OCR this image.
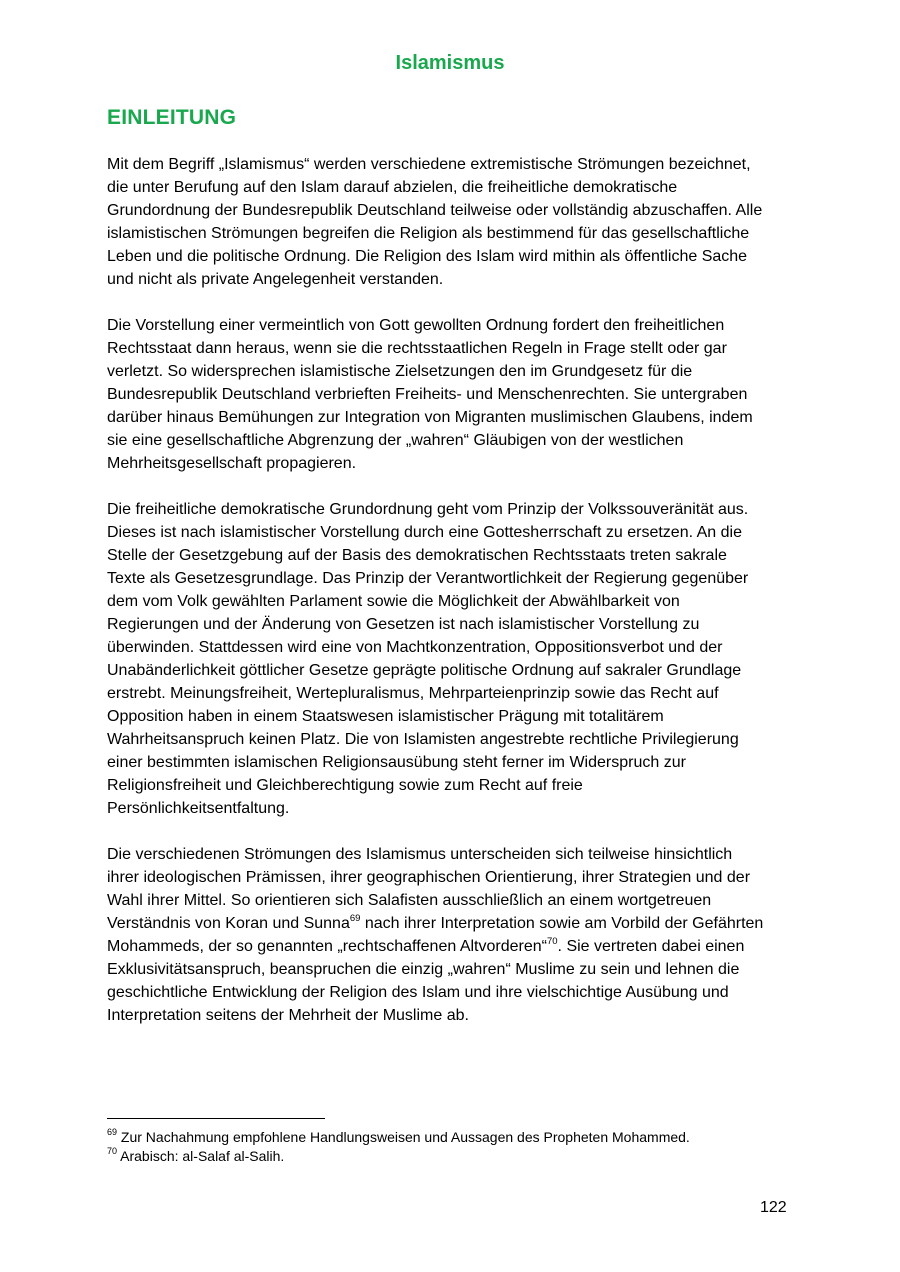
Islamismus
EINLEITUNG

Mit dem Begriff „Islamismus“ werden verschiedene extremistische Strömungen bezeichnet,
die unter Berufung auf den Islam darauf abzielen, die freiheitliche demokratische
Grundordnung der Bundesrepublik Deutschland teilweise oder vollständig abzuschaffen. Alle
islamistischen Strömungen begreifen die Religion als bestimmend für das gesellschaftliche
Leben und die politische Ordnung. Die Religion des Islam wird mithin als öffentliche Sache
und nicht als private Angelegenheit verstanden.

Die Vorstellung einer vermeintlich von Gott gewollten Ordnung fordert den freiheitlichen
Rechtsstaat dann heraus, wenn sie die rechtsstaatlichen Regeln in Frage stellt oder gar
verletzt. So widersprechen islamistische Zielsetzungen den im Grundgesetz für die
Bundesrepublik Deutschland verbrieften Freiheits- und Menschenrechten. Sie untergraben
darüber hinaus Bemühungen zur Integration von Migranten muslimischen Glaubens, indem
sie eine gesellschaftliche Abgrenzung der „wahren“ Gläubigen von der westlichen
Mehrheitsgesellschaft propagieren.

Die freiheitliche demokratische Grundordnung geht vom Prinzip der Volkssouveränität aus.
Dieses ist nach islamistischer Vorstellung durch eine Gottesherrschaft zu ersetzen. An die
Stelle der Gesetzgebung auf der Basis des demokratischen Rechtsstaats treten sakrale
Texte als Gesetzesgrundlage. Das Prinzip der Verantwortlichkeit der Regierung gegenüber
dem vom Volk gewählten Parlament sowie die Möglichkeit der Abwählbarkeit von
Regierungen und der Änderung von Gesetzen ist nach islamistischer Vorstellung zu
überwinden. Stattdessen wird eine von Machtkonzentration, Oppositionsverbot und der
Unabänderlichkeit göttlicher Gesetze geprägte politische Ordnung auf sakraler Grundlage
erstrebt. Meinungsfreiheit, Wertepluralismus, Mehrparteienprinzip sowie das Recht auf
Opposition haben in einem Staatswesen islamistischer Prägung mit totalitärem
Wahrheitsanspruch keinen Platz. Die von Islamisten angestrebte rechtliche Privilegierung
einer bestimmten islamischen Religionsausübung steht ferner im Widerspruch zur
Religionsfreiheit und Gleichberechtigung sowie zum Recht auf freie
Persönlichkeitsentfaltung.

Die verschiedenen Strömungen des Islamismus unterscheiden sich teilweise hinsichtlich
ihrer ideologischen Prämissen, ihrer geographischen Orientierung, ihrer Strategien und der
Wahl ihrer Mittel. So orientieren sich Salafisten ausschließlich an einem wortgetreuen
Verständnis von Koran und Sunna$^{69}$ nach ihrer Interpretation sowie am Vorbild der Gefährten
Mohammeds, der so genannten „rechtschaffenen Altvorderen“$^{70}$. Sie vertreten dabei einen
Exklusivitätsanspruch, beanspruchen die einzig „wahren“ Muslime zu sein und lehnen die
geschichtliche Entwicklung der Religion des Islam und ihre vielschichtige Ausübung und
Interpretation seitens der Mehrheit der Muslime ab.

$^{69}$ Zur Nachahmung empfohlene Handlungsweisen und Aussagen des Propheten Mohammed.
$^{70}$ Arabisch: al-Salaf al-Salih.
122
